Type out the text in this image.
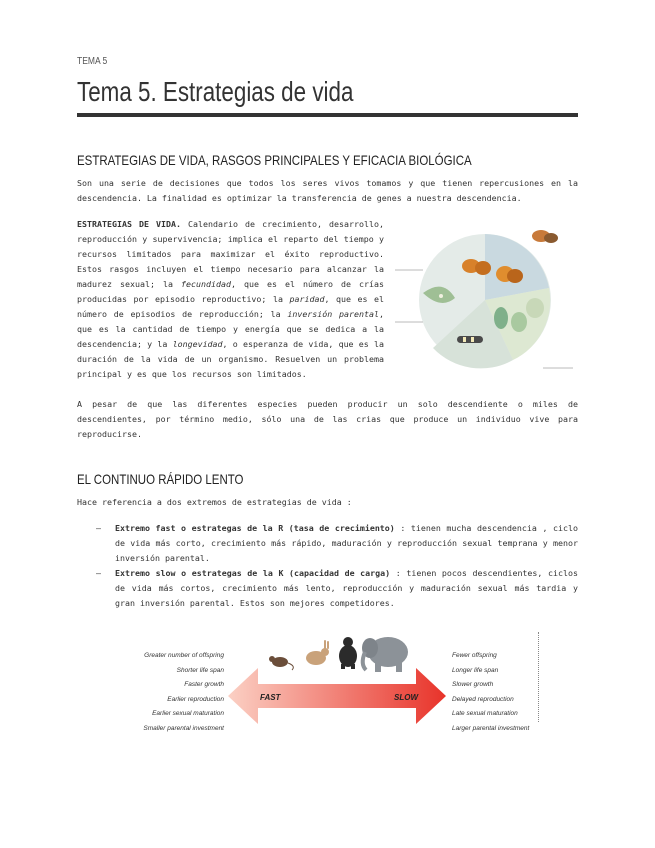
TEMA 5
Tema 5. Estrategias de vida
ESTRATEGIAS DE VIDA, RASGOS PRINCIPALES Y EFICACIA BIOLÓGICA

Son una serie de decisiones que todos los seres vivos tomamos y que tienen repercusiones en la descendencia. La finalidad es optimizar la transferencia de genes a nuestra descendencia.

ESTRATEGIAS DE VIDA. Calendario de crecimiento, desarrollo, reproducción y supervivencia; implica el reparto del tiempo y recursos limitados para maximizar el éxito reproductivo. Estos rasgos incluyen el tiempo necesario para alcanzar la madurez sexual; la fecundidad, que es el número de crías producidas por episodio reproductivo; la paridad, que es el número de episodios de reproducción; la inversión parental, que es la cantidad de tiempo y energía que se dedica a la descendencia; y la longevidad, o esperanza de vida, que es la duración de la vida de un organismo. Resuelven un problema principal y es que los recursos son limitados.

A pesar de que las diferentes especies pueden producir un solo descendiente o miles de descendientes, por término medio, sólo una de las crias que produce un individuo vive para reproducirse.

EL CONTINUO RÁPIDO LENTO

Hace referencia a dos extremos de estrategias de vida :

– Extremo fast o estrategas de la R (tasa de crecimiento) : tienen mucha descendencia , ciclo de vida más corto, crecimiento más rápido, maduración y reproducción sexual temprana y menor inversión parental.
– Extremo slow o estrategas de la K (capacidad de carga) : tienen pocos descendientes, ciclos de vida más cortos, crecimiento más lento, reproducción y maduración sexual más tardia y gran inversión parental. Estos son mejores competidores.
Greater number of offspring
Shorter life span
Faster growth
Earlier reproduction
Earlier sexual maturation
Smaller parental investment
FAST	SLOW
Fewer offspring
Longer life span
Slower growth
Delayed reproduction
Late sexual maturation
Larger parental investment
